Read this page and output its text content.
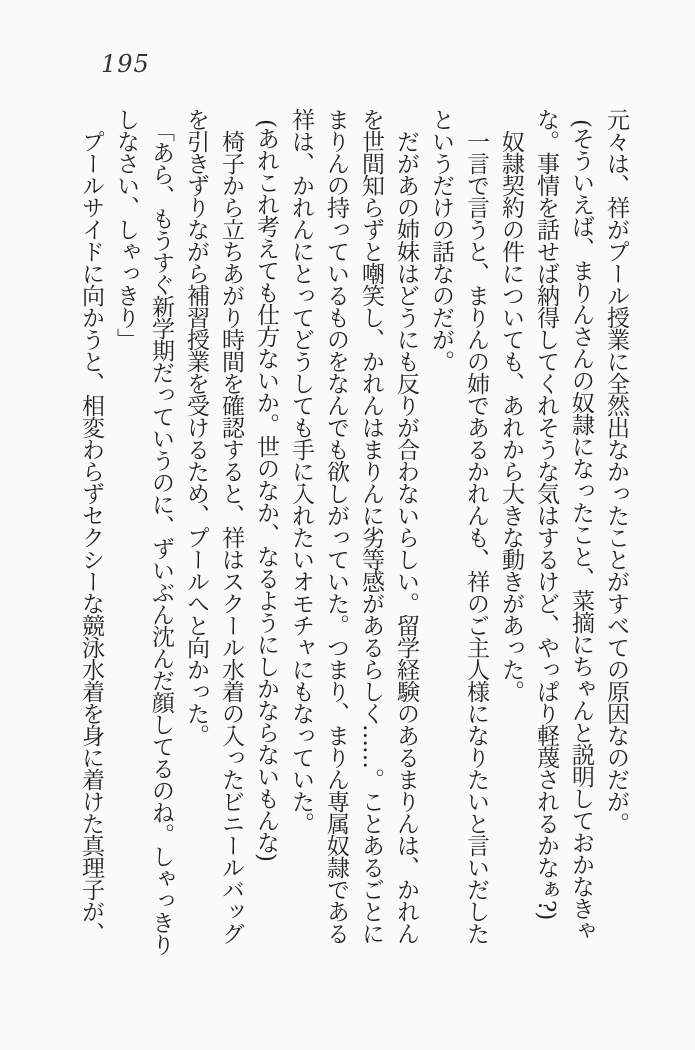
195
元々は、祥がプール授業に全然出なかったことがすべての原因なのだが。
(そういえば、まりんさんの奴隷になったこと、菜摘にちゃんと説明しておかなきゃ
な。事情を話せば納得してくれそうな気はするけど、やっぱり軽蔑されるかなぁ?)
奴隷契約の件についても、あれから大きな動きがあった。
一言で言うと、まりんの姉であるかれんも、祥のご主人様になりたいと言いだした
というだけの話なのだが。
だがあの姉妹はどうにも反りが合わないらしい。留学経験のあるまりんは、かれん
を世間知らずと嘲笑し、かれんはまりんに劣等感があるらしく……。ことあるごとに
まりんの持っているものをなんでも欲しがっていた。つまり、まりん専属奴隷である
祥は、かれんにとってどうしても手に入れたいオモチャにもなっていた。
(あれこれ考えても仕方ないか。世のなか、なるようにしかならないもんな)
椅子から立ちあがり時間を確認すると、祥はスクール水着の入ったビニールバッグ
を引きずりながら補習授業を受けるため、プールへと向かった。
「あら、もうすぐ新学期だっていうのに、ずいぶん沈んだ顔してるのね。しゃっきり
しなさい、しゃっきり」
プールサイドに向かうと、相変わらずセクシーな競泳水着を身に着けた真理子が、
